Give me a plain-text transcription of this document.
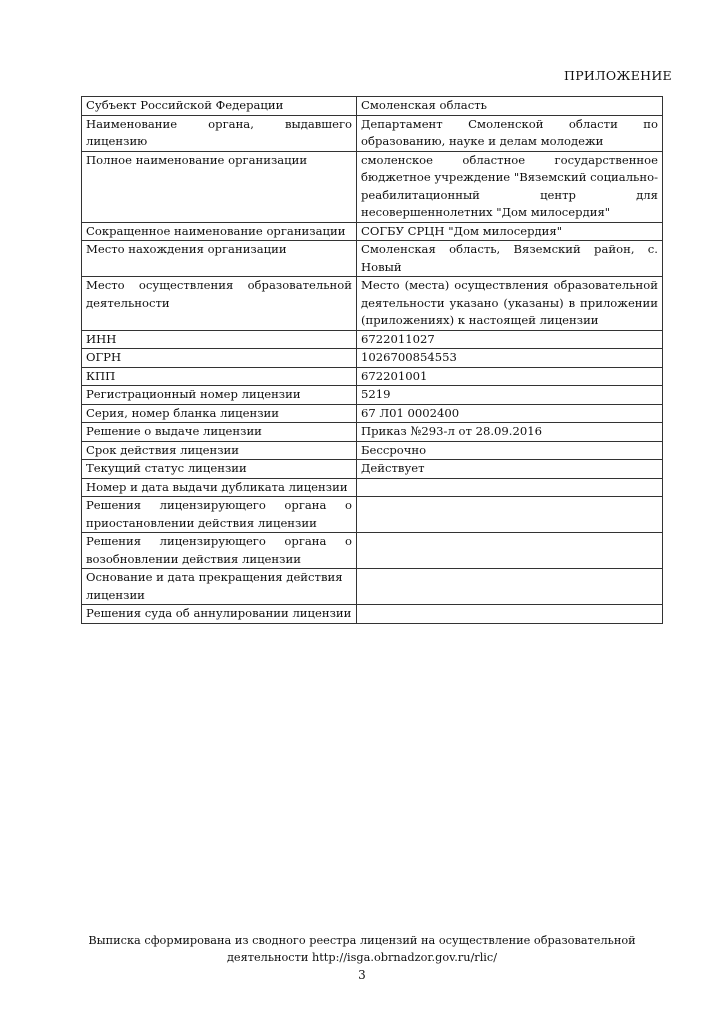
ПРИЛОЖЕНИЕ
Субъект Российской Федерации	Смоленская область
Наименование органа, выдавшего лицензию	Департамент Смоленской области по образованию, науке и делам молодежи
Полное наименование организации	смоленское областное государственное бюджетное учреждение "Вяземский социально-реабилитационный центр для несовершеннолетних "Дом милосердия"
Сокращенное наименование организации	СОГБУ СРЦН "Дом милосердия"
Место нахождения организации	Смоленская область, Вяземский район, с. Новый
Место осуществления образовательной деятельности	Место (места) осуществления образовательной деятельности указано (указаны) в приложении (приложениях) к настоящей лицензии
ИНН	6722011027
ОГРН	1026700854553
КПП	672201001
Регистрационный номер лицензии	5219
Серия, номер бланка лицензии	67 Л01 0002400
Решение о выдаче лицензии	Приказ №293-л от 28.09.2016
Срок действия лицензии	Бессрочно
Текущий статус лицензии	Действует
Номер и дата выдачи дубликата лицензии	
Решения лицензирующего органа о приостановлении действия лицензии	
Решения лицензирующего органа о возобновлении действия лицензии	
Основание и дата прекращения действия лицензии	
Решения суда об аннулировании лицензии	
Выписка сформирована из сводного реестра лицензий на осуществление образовательной
деятельности http://isga.obrnadzor.gov.ru/rlic/
3
